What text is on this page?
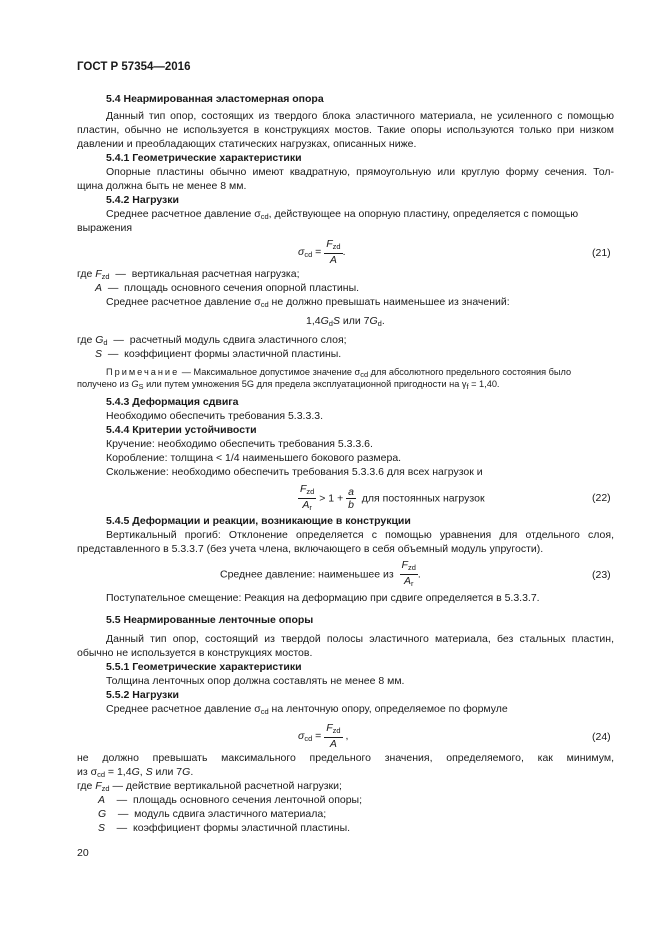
ГОСТ Р 57354—2016
5.4 Неармированная эластомерная опора
Данный тип опор, состоящих из твердого блока эластичного материала, не усиленного с помощью
пластин, обычно не используется в конструкциях мостов. Такие опоры используются только при низком
давлении и преобладающих статических нагрузках, описанных ниже.
5.4.1 Геометрические характеристики
Опорные пластины обычно имеют квадратную, прямоугольную или круглую форму сечения. Тол-
щина должна быть не менее 8 мм.
5.4.2 Нагрузки
Среднее расчетное давление $\sigma_{cd}$, действующее на опорную пластину, определяется с помощью
выражения
$\sigma_{cd} = \frac{F_{zd}}{A}$ .	(21)
где $F_{zd}$  —  вертикальная расчетная нагрузка;
A  —  площадь основного сечения опорной пластины.
Среднее расчетное давление $\sigma_{cd}$ не должно превышать наименьшее из значений:
$1,4G_dS$ или $7G_d$.
где $G_d$  —  расчетный модуль сдвига эластичного слоя;
S  —  коэффициент формы эластичной пластины.
Примечание — Максимальное допустимое значение $\sigma_{cd}$ для абсолютного предельного состояния было
получено из $G_S$ или путем умножения 5G для предела эксплуатационной пригодности на $\gamma_f = 1,40$.
5.4.3 Деформация сдвига
Необходимо обеспечить требования 5.3.3.3.
5.4.4 Критерии устойчивости
Кручение: необходимо обеспечить требования 5.3.3.6.
Коробление: толщина < 1/4 наименьшего бокового размера.
Скольжение: необходимо обеспечить требования 5.3.3.6 для всех нагрузок и
$\frac{F_{zd}}{A_r} > 1 + \frac{a}{b}$ для постоянных нагрузок	(22)
5.4.5 Деформации и реакции, возникающие в конструкции
Вертикальный прогиб: Отклонение определяется с помощью уравнения для отдельного слоя,
представленного в 5.3.3.7 (без учета члена, включающего в себя объемный модуль упругости).
Среднее давление: наименьшее из $\frac{F_{zd}}{A_r}$ .	(23)
Поступательное смещение: Реакция на деформацию при сдвиге определяется в 5.3.3.7.
5.5 Неармированные ленточные опоры
Данный тип опор, состоящий из твердой полосы эластичного материала, без стальных пластин,
обычно не используется в конструкциях мостов.
5.5.1 Геометрические характеристики
Толщина ленточных опор должна составлять не менее 8 мм.
5.5.2 Нагрузки
Среднее расчетное давление $\sigma_{cd}$ на ленточную опору, определяемое по формуле
$\sigma_{cd} = \frac{F_{zd}}{A}$ ,	(24)
не должно превышать максимального предельного значения, определяемого, как минимум,
из $\sigma_{cd} = 1,4G$, S или 7G.
где $F_{zd}$ — действие вертикальной расчетной нагрузки;
A    —  площадь основного сечения ленточной опоры;
G    —  модуль сдвига эластичного материала;
S    —  коэффициент формы эластичной пластины.
20
